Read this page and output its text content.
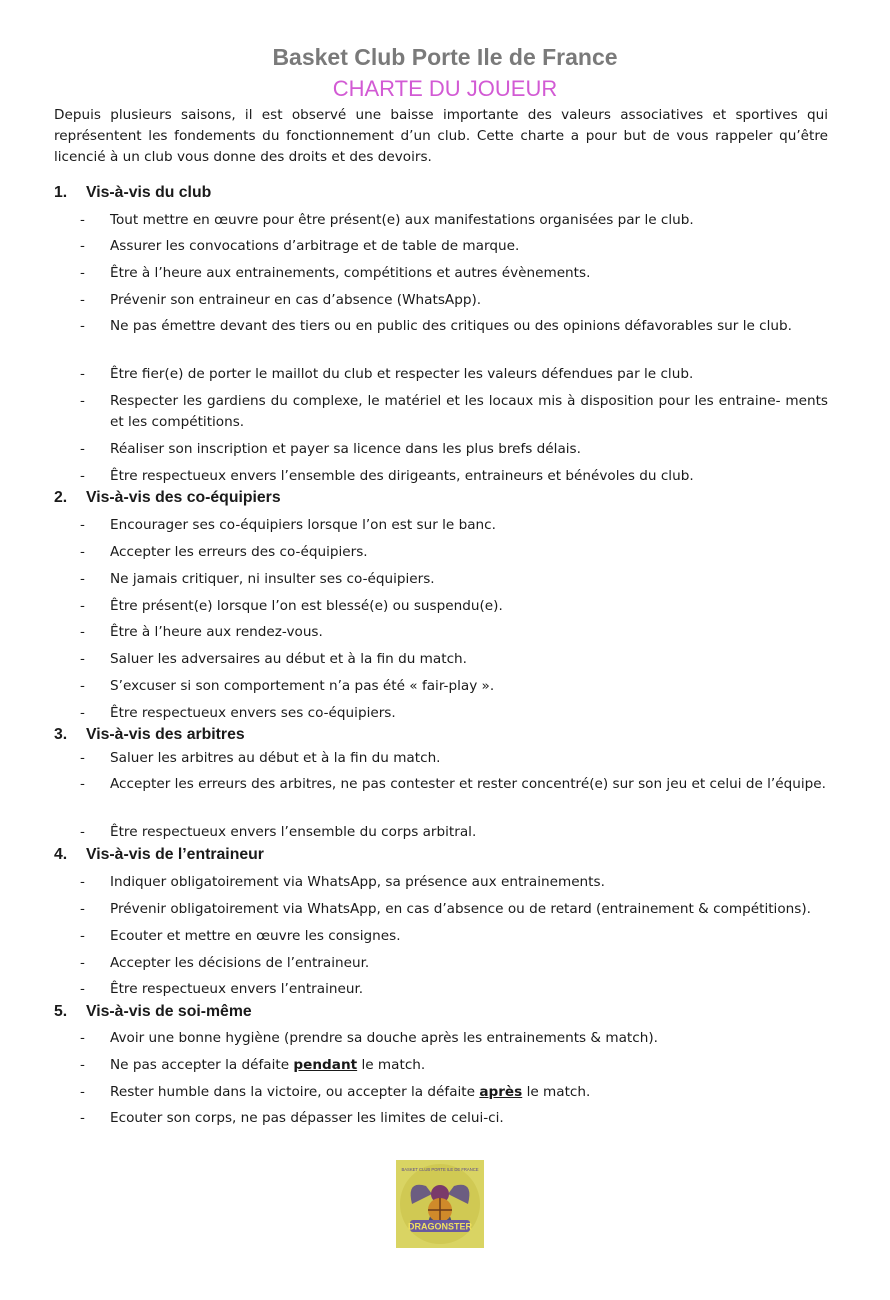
Basket Club Porte Ile de France
CHARTE DU JOUEUR

Depuis plusieurs saisons, il est observé une baisse importante des valeurs associatives et sportives qui représentent les fondements du fonctionnement d’un club. Cette charte a pour but de vous rappeler qu’être licencié à un club vous donne des droits et des devoirs.

1. Vis-à-vis du club
-	Tout mettre en œuvre pour être présent(e) aux manifestations organisées par le club.
-	Assurer les convocations d’arbitrage et de table de marque.
-	Être à l’heure aux entrainements, compétitions et autres évènements.
-	Prévenir son entraineur en cas d’absence (WhatsApp).
-	Ne pas émettre devant des tiers ou en public des critiques ou des opinions défavorables sur le club.
-	Être fier(e) de porter le maillot du club et respecter les valeurs défendues par le club.
-	Respecter les gardiens du complexe, le matériel et les locaux mis à disposition pour les entraine- ments et les compétitions.
-	Réaliser son inscription et payer sa licence dans les plus brefs délais.
-	Être respectueux envers l’ensemble des dirigeants, entraineurs et bénévoles du club.
2. Vis-à-vis des co-équipiers
-	Encourager ses co-équipiers lorsque l’on est sur le banc.
-	Accepter les erreurs des co-équipiers.
-	Ne jamais critiquer, ni insulter ses co-équipiers.
-	Être présent(e) lorsque l’on est blessé(e) ou suspendu(e).
-	Être à l’heure aux rendez-vous.
-	Saluer les adversaires au début et à la fin du match.
-	S’excuser si son comportement n’a pas été « fair-play ».
-	Être respectueux envers ses co-équipiers.
3. Vis-à-vis des arbitres
-	Saluer les arbitres au début et à la fin du match.
-	Accepter les erreurs des arbitres, ne pas contester et rester concentré(e) sur son jeu et celui de l’équipe.
-	Être respectueux envers l’ensemble du corps arbitral.
4. Vis-à-vis de l’entraineur
-	Indiquer obligatoirement via WhatsApp, sa présence aux entrainements.
-	Prévenir obligatoirement via WhatsApp, en cas d’absence ou de retard (entrainement & compétitions).
-	Ecouter et mettre en œuvre les consignes.
-	Accepter les décisions de l’entraineur.
-	Être respectueux envers l’entraineur.
5. Vis-à-vis de soi-même
-	Avoir une bonne hygiène (prendre sa douche après les entrainements & match).
-	Ne pas accepter la défaite pendant le match.
-	Rester humble dans la victoire, ou accepter la défaite après le match.
-	Ecouter son corps, ne pas dépasser les limites de celui-ci.
DRAGONSTER
BASKET CLUB PORTE ILE DE FRANCE
